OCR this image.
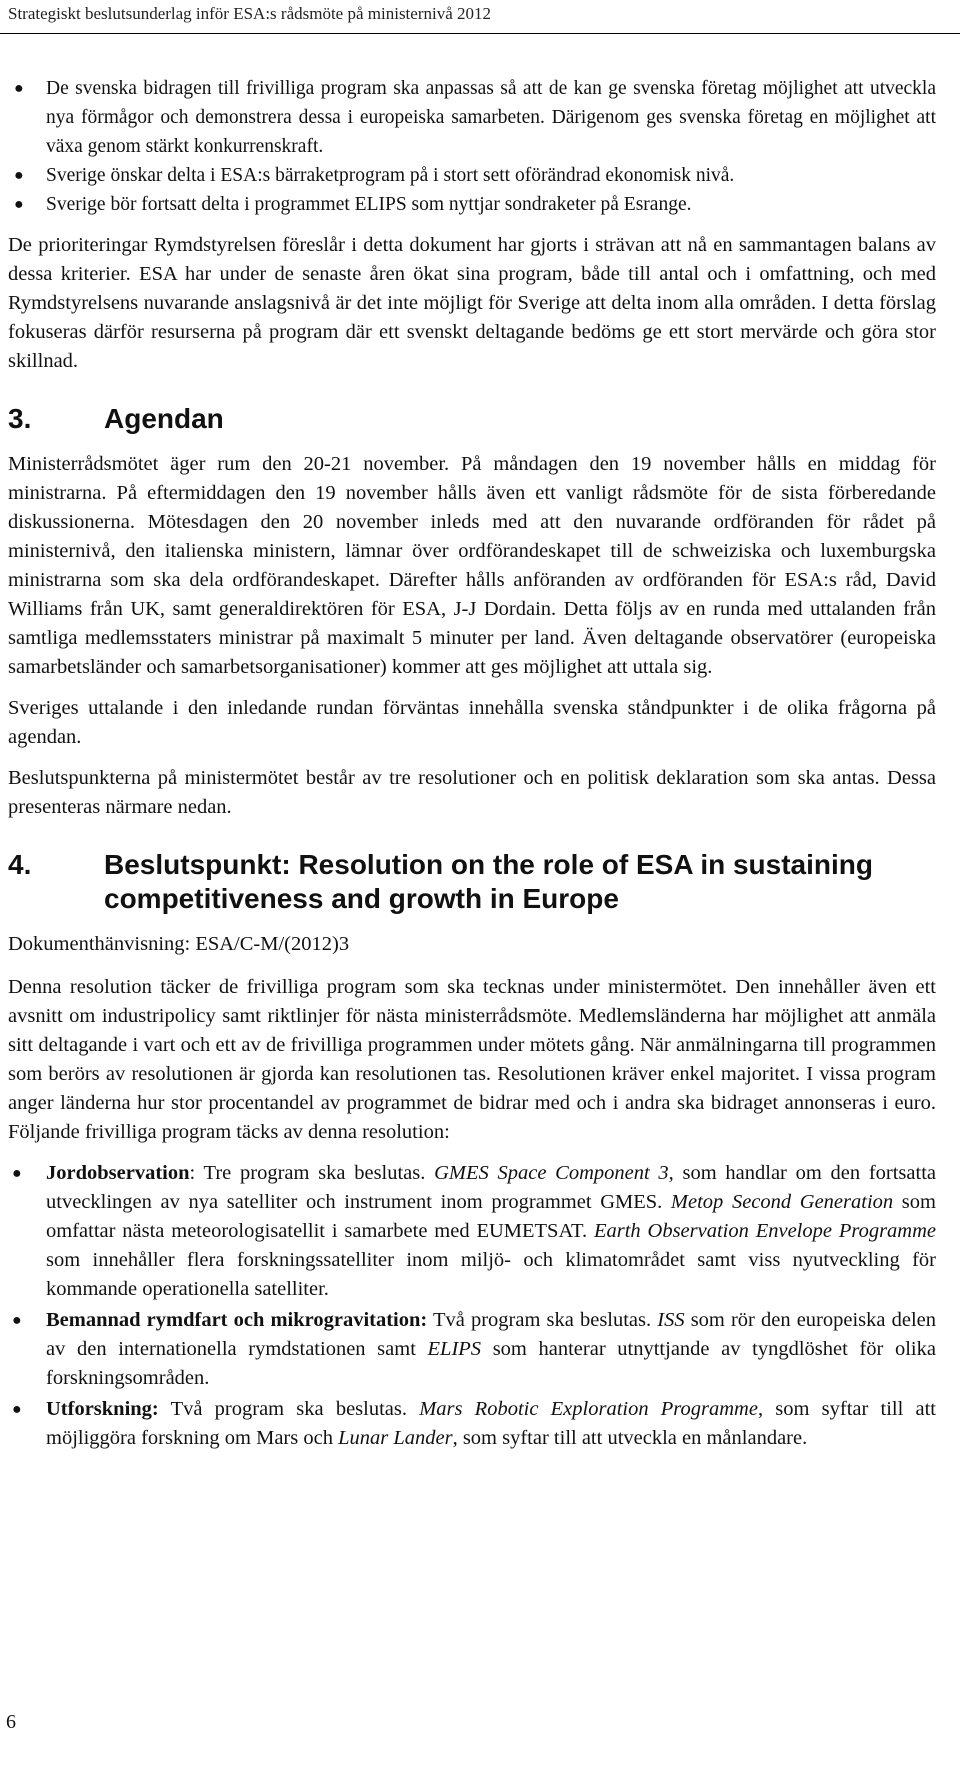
Strategiskt beslutsunderlag inför ESA:s rådsmöte på ministernivå 2012
● De svenska bidragen till frivilliga program ska anpassas så att de kan ge svenska företag möjlighet att utveckla nya förmågor och demonstrera dessa i europeiska samarbeten. Därigenom ges svenska företag en möjlighet att växa genom stärkt konkurrenskraft.
● Sverige önskar delta i ESA:s bärraketprogram på i stort sett oförändrad ekonomisk nivå.
● Sverige bör fortsatt delta i programmet ELIPS som nyttjar sondraketer på Esrange.

De prioriteringar Rymdstyrelsen föreslår i detta dokument har gjorts i strävan att nå en sammantagen balans av dessa kriterier. ESA har under de senaste åren ökat sina program, både till antal och i omfattning, och med Rymdstyrelsens nuvarande anslagsnivå är det inte möjligt för Sverige att delta inom alla områden. I detta förslag fokuseras därför resurserna på program där ett svenskt deltagande bedöms ge ett stort mervärde och göra stor skillnad.

3.	Agendan

Ministerrådsmötet äger rum den 20-21 november. På måndagen den 19 november hålls en middag för ministrarna. På eftermiddagen den 19 november hålls även ett vanligt rådsmöte för de sista förberedande diskussionerna. Mötesdagen den 20 november inleds med att den nuvarande ordföranden för rådet på ministernivå, den italienska ministern, lämnar över ordförandeskapet till de schweiziska och luxemburgska ministrarna som ska dela ordförandeskapet. Därefter hålls anföranden av ordföranden för ESA:s råd, David Williams från UK, samt generaldirektören för ESA, J-J Dordain. Detta följs av en runda med uttalanden från samtliga medlemsstaters ministrar på maximalt 5 minuter per land. Även deltagande observatörer (europeiska samarbetsländer och samarbetsorganisationer) kommer att ges möjlighet att uttala sig.

Sveriges uttalande i den inledande rundan förväntas innehålla svenska ståndpunkter i de olika frågorna på agendan.

Beslutspunkterna på ministermötet består av tre resolutioner och en politisk deklaration som ska antas. Dessa presenteras närmare nedan.

4.	Beslutspunkt: Resolution on the role of ESA in sustaining competitiveness and growth in Europe

Dokumenthänvisning: ESA/C-M/(2012)3

Denna resolution täcker de frivilliga program som ska tecknas under ministermötet. Den innehåller även ett avsnitt om industripolicy samt riktlinjer för nästa ministerrådsmöte. Medlemsländerna har möjlighet att anmäla sitt deltagande i vart och ett av de frivilliga programmen under mötets gång. När anmälningarna till programmen som berörs av resolutionen är gjorda kan resolutionen tas. Resolutionen kräver enkel majoritet. I vissa program anger länderna hur stor procentandel av programmet de bidrar med och i andra ska bidraget annonseras i euro. Följande frivilliga program täcks av denna resolution:

● Jordobservation: Tre program ska beslutas. GMES Space Component 3, som handlar om den fortsatta utvecklingen av nya satelliter och instrument inom programmet GMES. Metop Second Generation som omfattar nästa meteorologisatellit i samarbete med EUMETSAT. Earth Observation Envelope Programme som innehåller flera forskningssatelliter inom miljö- och klimatområdet samt viss nyutveckling för kommande operationella satelliter.
● Bemannad rymdfart och mikrogravitation: Två program ska beslutas. ISS som rör den europeiska delen av den internationella rymdstationen samt ELIPS som hanterar utnyttjande av tyngdlöshet för olika forskningsområden.
● Utforskning: Två program ska beslutas. Mars Robotic Exploration Programme, som syftar till att möjliggöra forskning om Mars och Lunar Lander, som syftar till att utveckla en månlandare.
6
